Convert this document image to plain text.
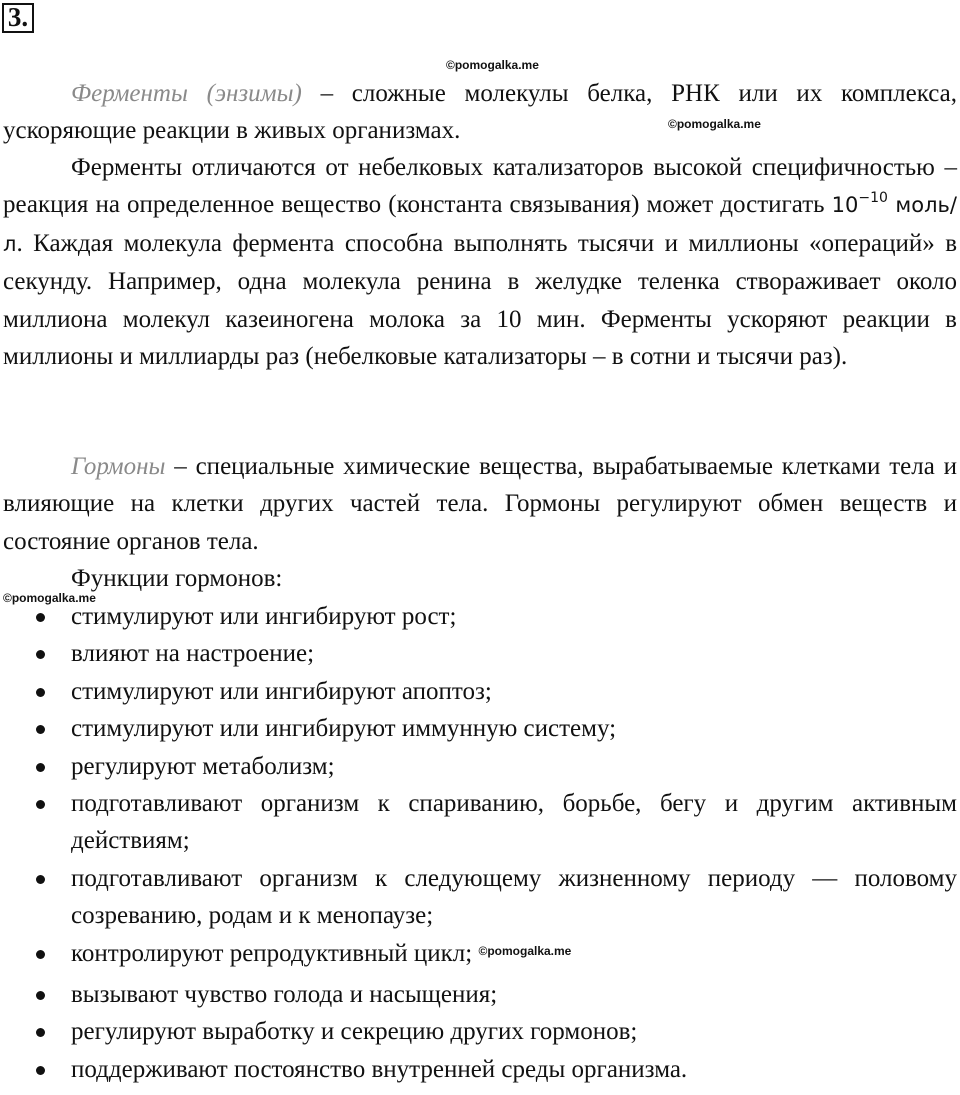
3.
©pomogalka.me
©pomogalka.me
©pomogalka.me

Ферменты (энзимы) – сложные молекулы белка, РНК или их комплекса, ускоряющие реакции в живых организмах.

Ферменты отличаются от небелковых катализаторов высокой специфичностью – реакция на определенное вещество (константа связывания) может достигать $10^{-10}$ моль/л. Каждая молекула фермента способна выполнять тысячи и миллионы «операций» в секунду. Например, одна молекула ренина в желудке теленка створаживает около миллиона молекул казеиногена молока за 10 мин. Ферменты ускоряют реакции в миллионы и миллиарды раз (небелковые катализаторы – в сотни и тысячи раз).

Гормоны – специальные химические вещества, вырабатываемые клетками тела и влияющие на клетки других частей тела. Гормоны регулируют обмен веществ и состояние органов тела.

Функции гормонов:

стимулируют или ингибируют рост;
влияют на настроение;
стимулируют или ингибируют апоптоз;
стимулируют или ингибируют иммунную систему;
регулируют метаболизм;
подготавливают организм к спариванию, борьбе, бегу и другим активным действиям;
подготавливают организм к следующему жизненному периоду — половому созреванию, родам и к менопаузе;
контролируют репродуктивный цикл; $^{©pomogalka.me}$
вызывают чувство голода и насыщения;
регулируют выработку и секрецию других гормонов;
поддерживают постоянство внутренней среды организма.
